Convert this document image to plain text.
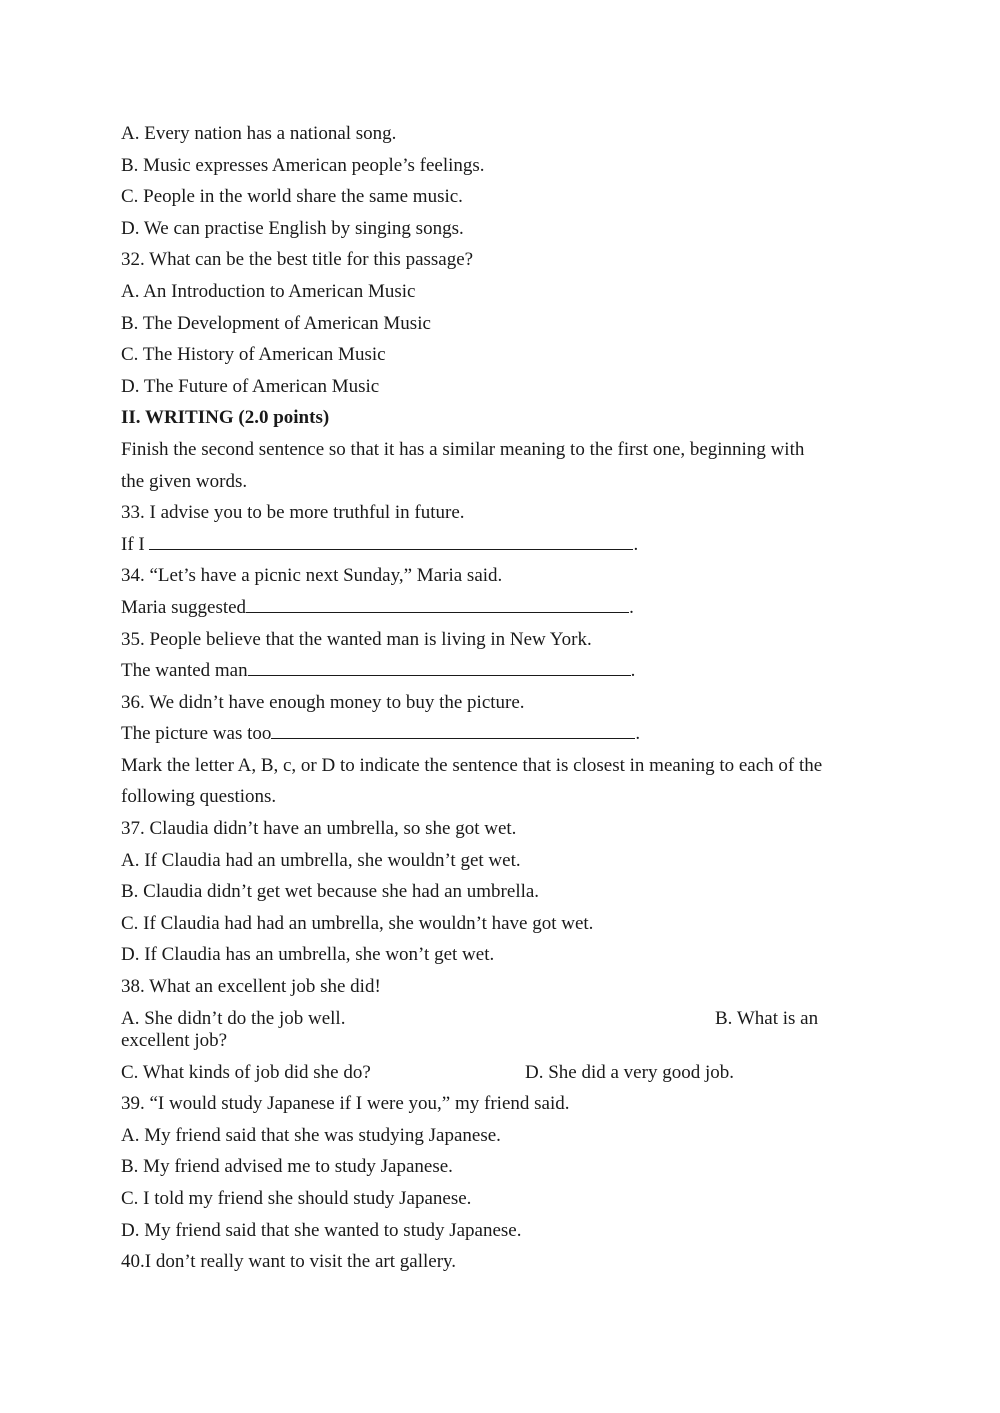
A. Every nation has a national song.
B. Music expresses American people’s feelings.
C. People in the world share the same music.
D. We can practise English by singing songs.
32. What can be the best title for this passage?
A. An Introduction to American Music
B. The Development of American Music
C. The History of American Music
D. The Future of American Music
II. WRITING (2.0 points)
Finish the second sentence so that it has a similar meaning to the first one, beginning with the given words.
33. I advise you to be more truthful in future.
If I	.
34. “Let’s have a picnic next Sunday,” Maria said.
Maria suggested	.
35. People believe that the wanted man is living in New York.
The wanted man	.
36. We didn’t have enough money to buy the picture.
The picture was too	.
Mark the letter A, B, c, or D to indicate the sentence that is closest in meaning to each of the following questions.
37. Claudia didn’t have an umbrella, so she got wet.
A. If Claudia had an umbrella, she wouldn’t get wet.
B. Claudia didn’t get wet because she had an umbrella.
C. If Claudia had had an umbrella, she wouldn’t have got wet.
D. If Claudia has an umbrella, she won’t get wet.
38. What an excellent job she did!
A. She didn’t do the job well.	B. What is an
excellent job?
C. What kinds of job did she do?	D. She did a very good job.
39. “I would study Japanese if I were you,” my friend said.
A. My friend said that she was studying Japanese.
B. My friend advised me to study Japanese.
C. I told my friend she should study Japanese.
D. My friend said that she wanted to study Japanese.
40.I don’t really want to visit the art gallery.
